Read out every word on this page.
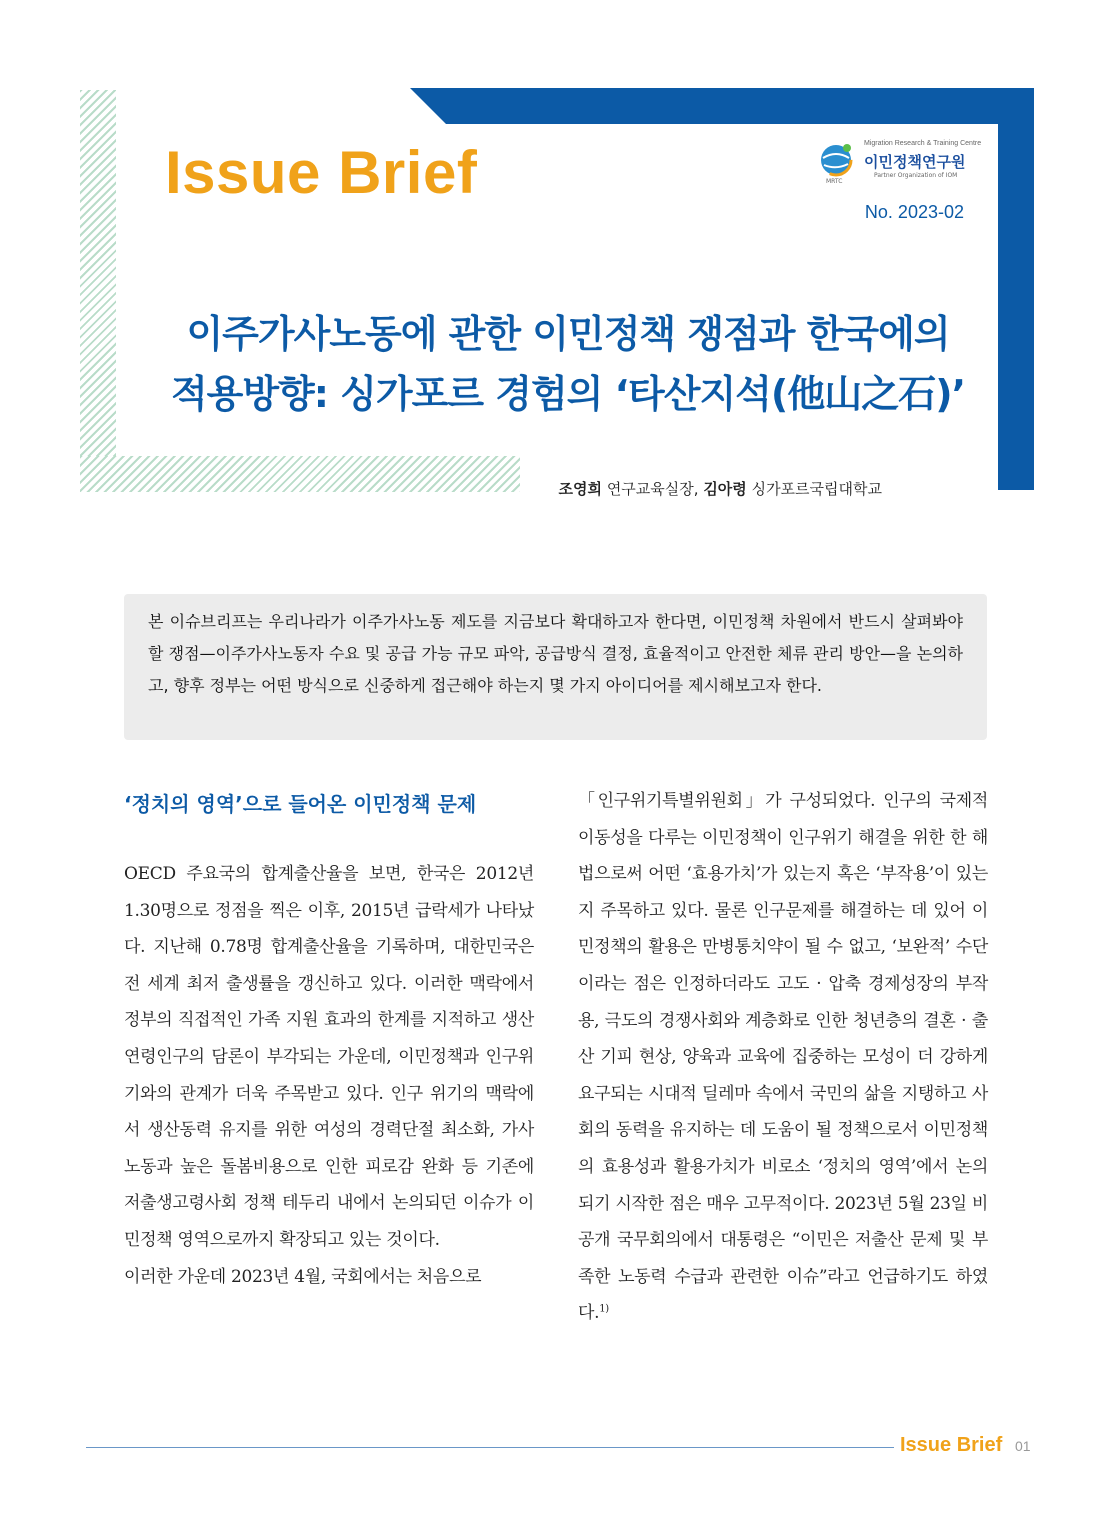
Issue Brief	Migration Research & Training Centre
이민정책연구원
Partner Organization of IOM
MRTC
No. 2023-02
이주가사노동에 관한 이민정책 쟁점과 한국에의
적용방향: 싱가포르 경험의 ‘타산지석(他山之石)’
조영희 연구교육실장, 김아령 싱가포르국립대학교
본 이슈브리프는 우리나라가 이주가사노동 제도를 지금보다 확대하고자 한다면, 이민정책 차원에서 반드시 살펴봐야 할 쟁점—이주가사노동자 수요 및 공급 가능 규모 파악, 공급방식 결정, 효율적이고 안전한 체류 관리 방안—을 논의하고, 향후 정부는 어떤 방식으로 신중하게 접근해야 하는지 몇 가지 아이디어를 제시해보고자 한다.
‘정치의 영역’으로 들어온 이민정책 문제
OECD 주요국의 합계출산율을 보면, 한국은 2012년 1.30명으로 정점을 찍은 이후, 2015년 급락세가 나타났다. 지난해 0.78명 합계출산율을 기록하며, 대한민국은 전 세계 최저 출생률을 갱신하고 있다. 이러한 맥락에서 정부의 직접적인 가족 지원 효과의 한계를 지적하고 생산연령인구의 담론이 부각되는 가운데, 이민정책과 인구위기와의 관계가 더욱 주목받고 있다. 인구 위기의 맥락에서 생산동력 유지를 위한 여성의 경력단절 최소화, 가사노동과 높은 돌봄비용으로 인한 피로감 완화 등 기존에 저출생고령사회 정책 테두리 내에서 논의되던 이슈가 이민정책 영역으로까지 확장되고 있는 것이다.
이러한 가운데 2023년 4월, 국회에서는 처음으로
「인구위기특별위원회」가 구성되었다. 인구의 국제적 이동성을 다루는 이민정책이 인구위기 해결을 위한 한 해법으로써 어떤 ‘효용가치’가 있는지 혹은 ‘부작용’이 있는지 주목하고 있다. 물론 인구문제를 해결하는 데 있어 이민정책의 활용은 만병통치약이 될 수 없고, ‘보완적’ 수단이라는 점은 인정하더라도 고도 · 압축 경제성장의 부작용, 극도의 경쟁사회와 계층화로 인한 청년층의 결혼 · 출산 기피 현상, 양육과 교육에 집중하는 모성이 더 강하게 요구되는 시대적 딜레마 속에서 국민의 삶을 지탱하고 사회의 동력을 유지하는 데 도움이 될 정책으로서 이민정책의 효용성과 활용가치가 비로소 ‘정치의 영역’에서 논의되기 시작한 점은 매우 고무적이다. 2023년 5월 23일 비공개 국무회의에서 대통령은 “이민은 저출산 문제 및 부족한 노동력 수급과 관련한 이슈”라고 언급하기도 하였다.$^{1)}$
Issue Brief 01
